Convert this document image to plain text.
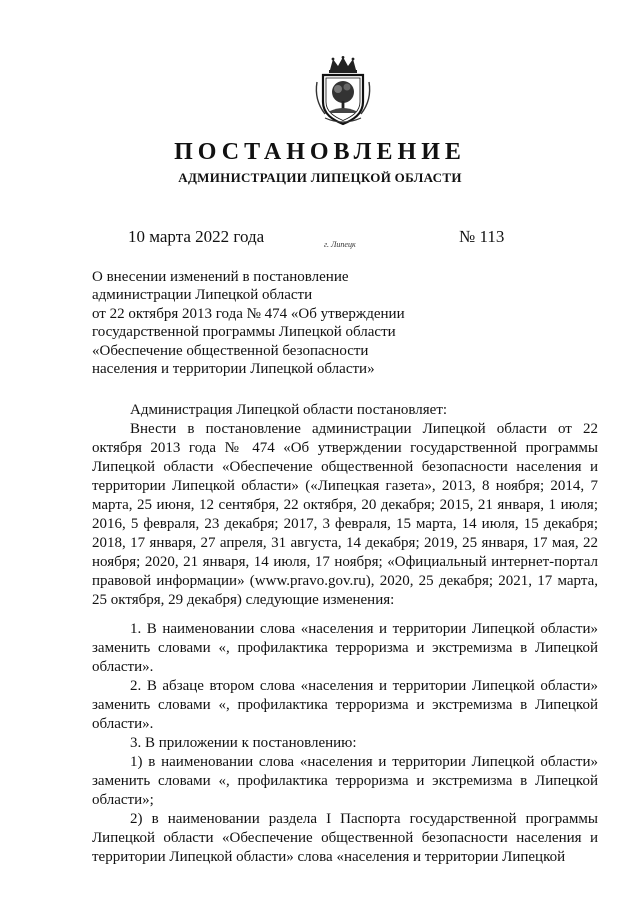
ПОСТАНОВЛЕНИЕ
АДМИНИСТРАЦИИ ЛИПЕЦКОЙ ОБЛАСТИ
10 марта 2022 года	г. Липецк	№ 113
О внесении изменений в постановление
администрации Липецкой области
от 22 октября 2013 года № 474 «Об утверждении
государственной программы Липецкой области
«Обеспечение общественной безопасности
населения и территории Липецкой области»

Администрация Липецкой области постановляет:

Внести в постановление администрации Липецкой области от 22 октября 2013 года № 474 «Об утверждении государственной программы Липецкой области «Обеспечение общественной безопасности населения и территории Липецкой области» («Липецкая газета», 2013, 8 ноября; 2014, 7 марта, 25 июня, 12 сентября, 22 октября, 20 декабря; 2015, 21 января, 1 июля; 2016, 5 февраля, 23 декабря; 2017, 3 февраля, 15 марта, 14 июля, 15 декабря; 2018, 17 января, 27 апреля, 31 августа, 14 декабря; 2019, 25 января, 17 мая, 22 ноября; 2020, 21 января, 14 июля, 17 ноября; «Официальный интернет-портал правовой информации» (www.pravo.gov.ru), 2020, 25 декабря; 2021, 17 марта, 25 октября, 29 декабря) следующие изменения:

1. В наименовании слова «населения и территории Липецкой области» заменить словами «, профилактика терроризма и экстремизма в Липецкой области».

2. В абзаце втором слова «населения и территории Липецкой области» заменить словами «, профилактика терроризма и экстремизма в Липецкой области».

3. В приложении к постановлению:

1) в наименовании слова «населения и территории Липецкой области» заменить словами «, профилактика терроризма и экстремизма в Липецкой области»;

2) в наименовании раздела I Паспорта государственной программы Липецкой области «Обеспечение общественной безопасности населения и территории Липецкой области» слова «населения и территории Липецкой
